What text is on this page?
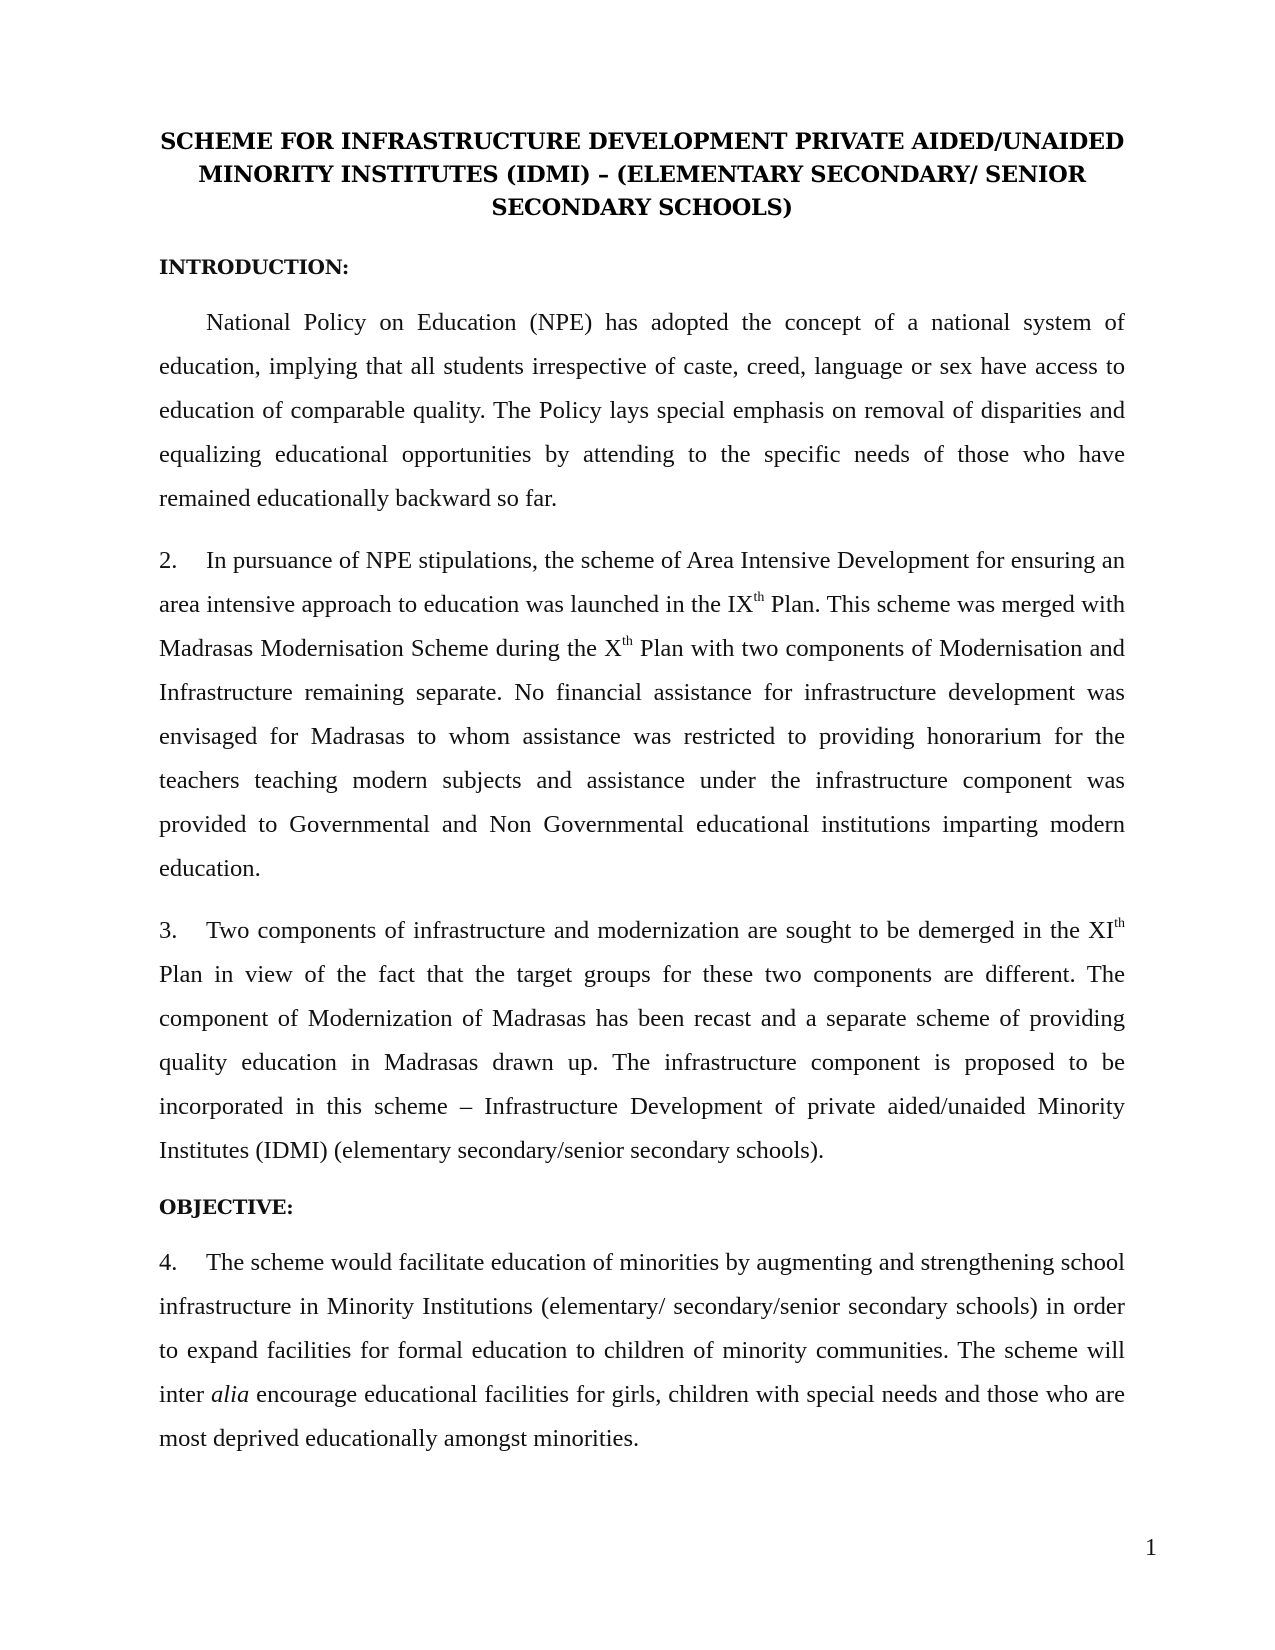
SCHEME FOR INFRASTRUCTURE DEVELOPMENT PRIVATE AIDED/UNAIDED
MINORITY INSTITUTES (IDMI) – (ELEMENTARY SECONDARY/ SENIOR
SECONDARY SCHOOLS)
INTRODUCTION:

National Policy on Education (NPE) has adopted the concept of a national system of education, implying that all students irrespective of caste, creed, language or sex have access to education of comparable quality. The Policy lays special emphasis on removal of disparities and equalizing educational opportunities by attending to the specific needs of those who have remained educationally backward so far.

2. In pursuance of NPE stipulations, the scheme of Area Intensive Development for ensuring an area intensive approach to education was launched in the IXth Plan. This scheme was merged with Madrasas Modernisation Scheme during the Xth Plan with two components of Modernisation and Infrastructure remaining separate. No financial assistance for infrastructure development was envisaged for Madrasas to whom assistance was restricted to providing honorarium for the teachers teaching modern subjects and assistance under the infrastructure component was provided to Governmental and Non Governmental educational institutions imparting modern education.

3. Two components of infrastructure and modernization are sought to be demerged in the XIth Plan in view of the fact that the target groups for these two components are different. The component of Modernization of Madrasas has been recast and a separate scheme of providing quality education in Madrasas drawn up. The infrastructure component is proposed to be incorporated in this scheme – Infrastructure Development of private aided/unaided Minority Institutes (IDMI) (elementary secondary/senior secondary schools).

OBJECTIVE:

4. The scheme would facilitate education of minorities by augmenting and strengthening school infrastructure in Minority Institutions (elementary/ secondary/senior secondary schools) in order to expand facilities for formal education to children of minority communities. The scheme will inter alia encourage educational facilities for girls, children with special needs and those who are most deprived educationally amongst minorities.

1
